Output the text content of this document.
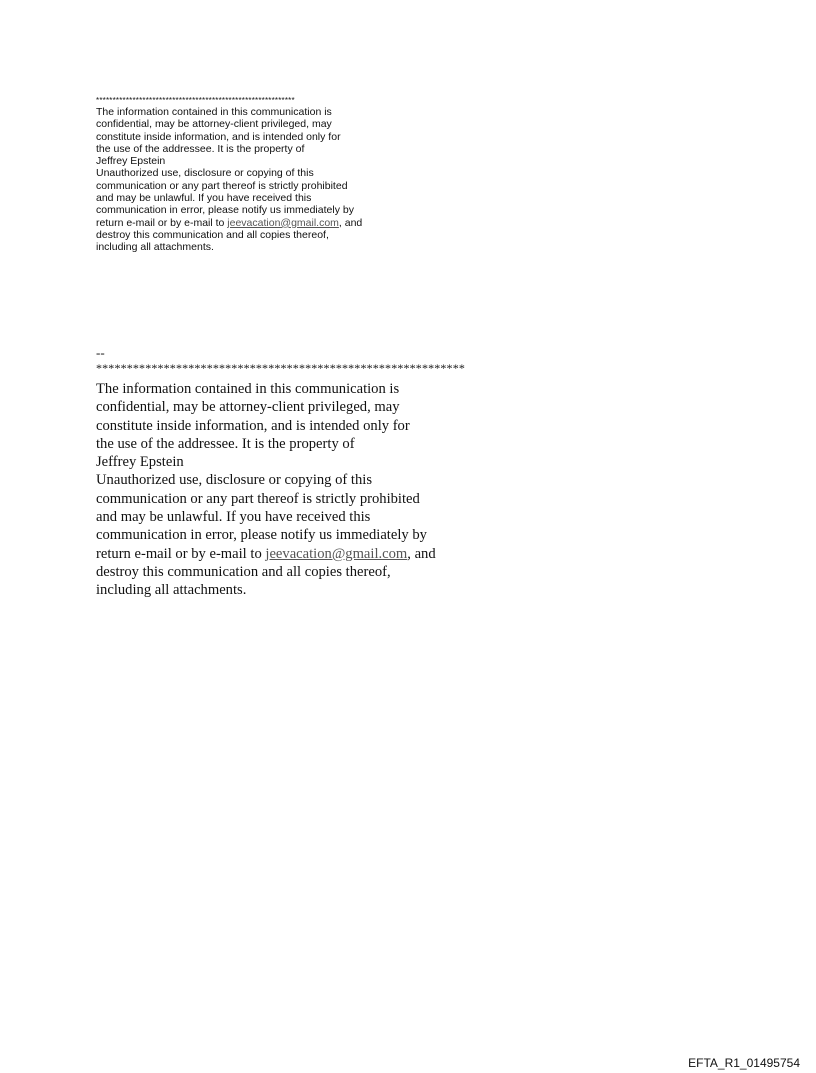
************************************************************
The information contained in this communication is
confidential, may be attorney-client privileged, may
constitute inside information, and is intended only for
the use of the addressee. It is the property of
Jeffrey Epstein
Unauthorized use, disclosure or copying of this
communication or any part thereof is strictly prohibited
and may be unlawful. If you have received this
communication in error, please notify us immediately by
return e-mail or by e-mail to jeevacation@gmail.com, and
destroy this communication and all copies thereof,
including all attachments.
--
************************************************************
The information contained in this communication is
confidential, may be attorney-client privileged, may
constitute inside information, and is intended only for
the use of the addressee. It is the property of
Jeffrey Epstein
Unauthorized use, disclosure or copying of this
communication or any part thereof is strictly prohibited
and may be unlawful. If you have received this
communication in error, please notify us immediately by
return e-mail or by e-mail to jeevacation@gmail.com, and
destroy this communication and all copies thereof,
including all attachments.
EFTA_R1_01495754
